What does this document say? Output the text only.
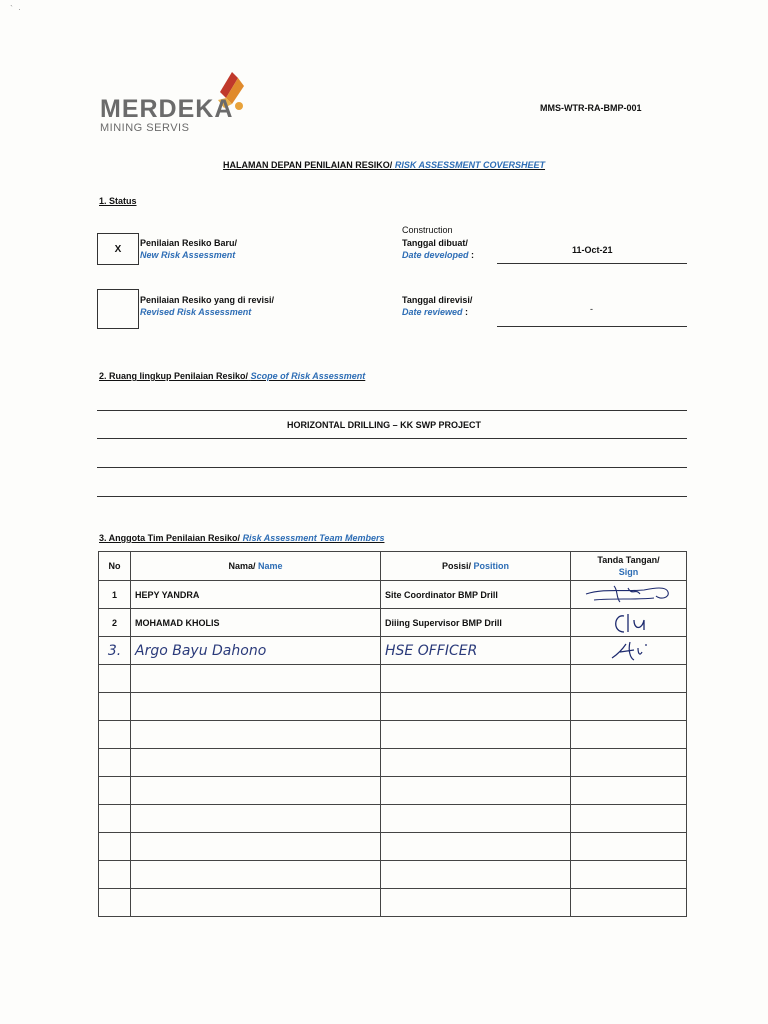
`  ·
MERDEKA
MINING SERVIS
MMS-WTR-RA-BMP-001
HALAMAN DEPAN PENILAIAN RESIKO/ RISK ASSESSMENT COVERSHEET
1. Status
X
Penilaian Resiko Baru/
New Risk Assessment
Construction
Tanggal dibuat/
Date developed :	11-Oct-21
Penilaian Resiko yang di revisi/
Revised Risk Assessment
Tanggal direvisi/
Date reviewed :	-
2. Ruang lingkup Penilaian Resiko/ Scope of Risk Assessment
HORIZONTAL DRILLING – KK SWP PROJECT
3. Anggota Tim Penilaian Resiko/ Risk Assessment Team Members
No	Nama/ Name	Posisi/ Position	Tanda Tangan/
Sign

1	HEPY YANDRA	Site Coordinator BMP Drill	

2	MOHAMAD KHOLIS	Diiing Supervisor BMP Drill	

3.	Argo Bayu Dahono	HSE OFFICER	
